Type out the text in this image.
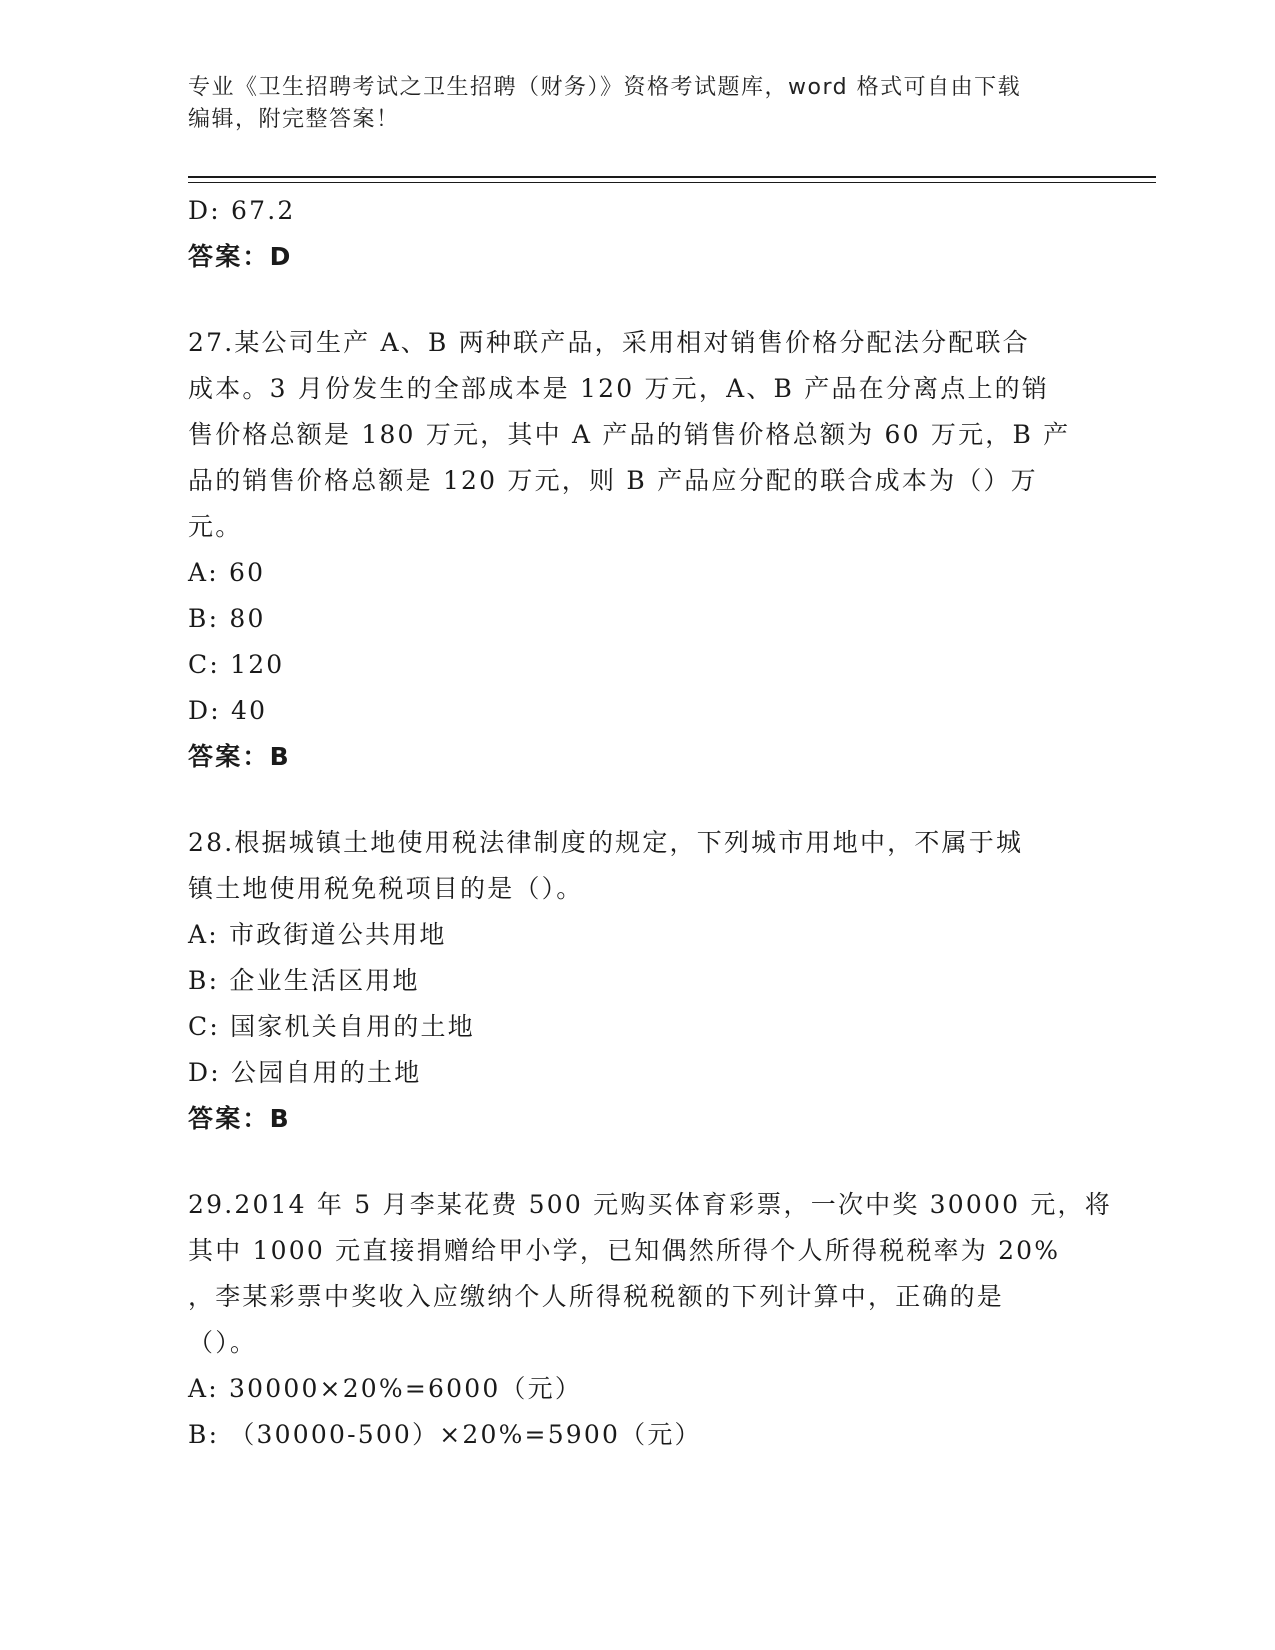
专业《卫生招聘考试之卫生招聘（财务）》资格考试题库，word 格式可自由下载
编辑，附完整答案！
D: 67.2
答案：D
27.某公司生产 A、B 两种联产品，采用相对销售价格分配法分配联合
成本。3 月份发生的全部成本是 120 万元，A、B 产品在分离点上的销
售价格总额是 180 万元，其中 A 产品的销售价格总额为 60 万元，B 产
品的销售价格总额是 120 万元，则 B 产品应分配的联合成本为（）万
元。
A: 60
B: 80
C: 120
D: 40
答案：B
28.根据城镇土地使用税法律制度的规定，下列城市用地中，不属于城
镇土地使用税免税项目的是（）。
A: 市政街道公共用地
B: 企业生活区用地
C: 国家机关自用的土地
D: 公园自用的土地
答案：B
29.2014 年 5 月李某花费 500 元购买体育彩票，一次中奖 30000 元，将
其中 1000 元直接捐赠给甲小学，已知偶然所得个人所得税税率为 20%
，李某彩票中奖收入应缴纳个人所得税税额的下列计算中，正确的是
（）。
A: 30000×20%=6000（元）
B: （30000-500）×20%=5900（元）
